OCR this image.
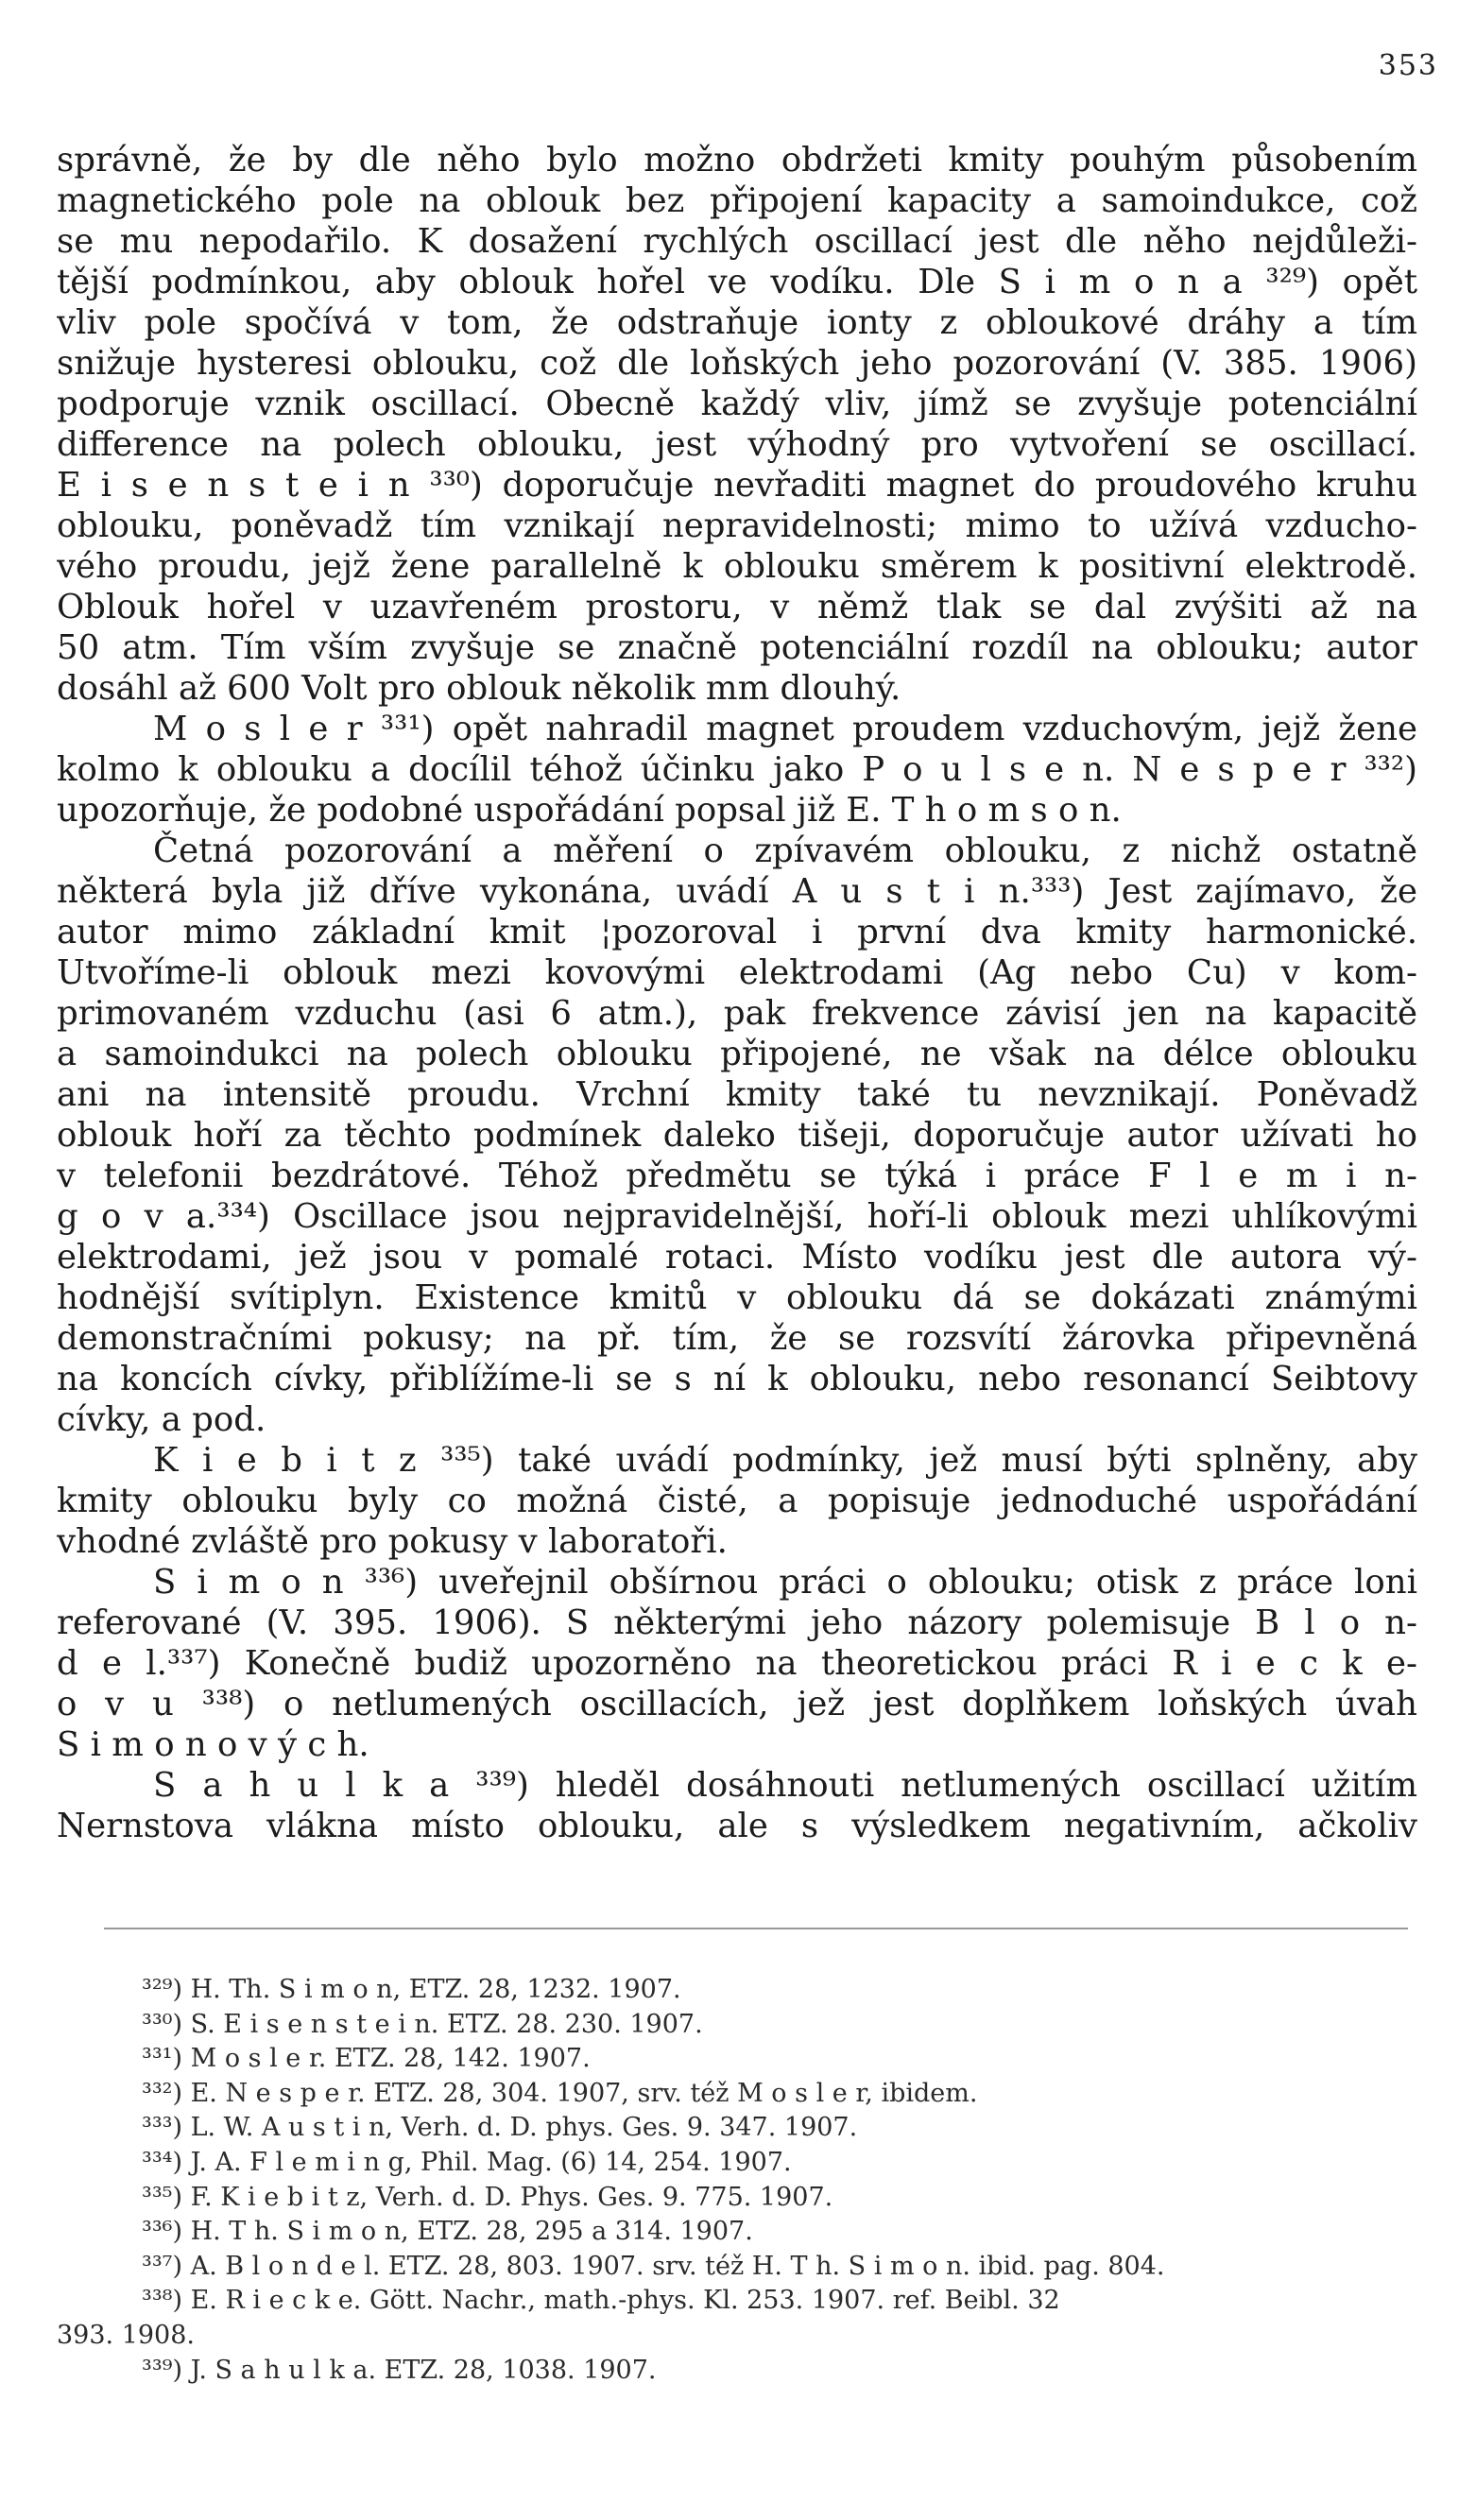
353
správně, že by dle něho bylo možno obdržeti kmity pouhým působením
magnetického pole na oblouk bez připojení kapacity a samoindukce, což
se mu nepodařilo. K dosažení rychlých oscillací jest dle něho nejdůleži-
tější podmínkou, aby oblouk hořel ve vodíku. Dle S i m o n a ³²⁹) opět
vliv pole spočívá v tom, že odstraňuje ionty z obloukové dráhy a tím
snižuje hysteresi oblouku, což dle loňských jeho pozorování (V. 385. 1906)
podporuje vznik oscillací. Obecně každý vliv, jímž se zvyšuje potenciální
difference na polech oblouku, jest výhodný pro vytvoření se oscillací.
E i s e n s t e i n ³³⁰) doporučuje nevřaditi magnet do proudového kruhu
oblouku, poněvadž tím vznikají nepravidelnosti; mimo to užívá vzducho-
vého proudu, jejž žene parallelně k oblouku směrem k positivní elektrodě.
Oblouk hořel v uzavřeném prostoru, v němž tlak se dal zvýšiti až na
50 atm. Tím vším zvyšuje se značně potenciální rozdíl na oblouku; autor
dosáhl až 600 Volt pro oblouk několik mm dlouhý.
M o s l e r ³³¹) opět nahradil magnet proudem vzduchovým, jejž žene
kolmo k oblouku a docílil téhož účinku jako P o u l s e n. N e s p e r ³³²)
upozorňuje, že podobné uspořádání popsal již E. T h o m s o n.
Četná pozorování a měření o zpívavém oblouku, z nichž ostatně
některá byla již dříve vykonána, uvádí A u s t i n.³³³) Jest zajímavo, že
autor mimo základní kmit ¦pozoroval i první dva kmity harmonické.
Utvoříme-li oblouk mezi kovovými elektrodami (Ag nebo Cu) v kom-
primovaném vzduchu (asi 6 atm.), pak frekvence závisí jen na kapacitě
a samoindukci na polech oblouku připojené, ne však na délce oblouku
ani na intensitě proudu. Vrchní kmity také tu nevznikají. Poněvadž
oblouk hoří za těchto podmínek daleko tišeji, doporučuje autor užívati ho
v telefonii bezdrátové. Téhož předmětu se týká i práce F l e m i n-
g o v a.³³⁴) Oscillace jsou nejpravidelnější, hoří-li oblouk mezi uhlíkovými
elektrodami, jež jsou v pomalé rotaci. Místo vodíku jest dle autora vý-
hodnější svítiplyn. Existence kmitů v oblouku dá se dokázati známými
demonstračními pokusy; na př. tím, že se rozsvítí žárovka připevněná
na koncích cívky, přiblížíme-li se s ní k oblouku, nebo resonancí Seibtovy
cívky, a pod.
K i e b i t z ³³⁵) také uvádí podmínky, jež musí býti splněny, aby
kmity oblouku byly co možná čisté, a popisuje jednoduché uspořádání
vhodné zvláště pro pokusy v laboratoři.
S i m o n ³³⁶) uveřejnil obšírnou práci o oblouku; otisk z práce loni
referované (V. 395. 1906). S některými jeho názory polemisuje B l o n-
d e l.³³⁷) Konečně budiž upozorněno na theoretickou práci R i e c k e-
o v u ³³⁸) o netlumených oscillacích, jež jest doplňkem loňských úvah
S i m o n o v ý c h.
S a h u l k a ³³⁹) hleděl dosáhnouti netlumených oscillací užitím
Nernstova vlákna místo oblouku, ale s výsledkem negativním, ačkoliv
³²⁹) H. Th. S i m o n, ETZ. 28, 1232. 1907.
³³⁰) S. E i s e n s t e i n. ETZ. 28. 230. 1907.
³³¹) M o s l e r. ETZ. 28, 142. 1907.
³³²) E. N e s p e r. ETZ. 28, 304. 1907, srv. též M o s l e r, ibidem.
³³³) L. W. A u s t i n, Verh. d. D. phys. Ges. 9. 347. 1907.
³³⁴) J. A. F l e m i n g, Phil. Mag. (6) 14, 254. 1907.
³³⁵) F. K i e b i t z, Verh. d. D. Phys. Ges. 9. 775. 1907.
³³⁶) H. T h. S i m o n, ETZ. 28, 295 a 314. 1907.
³³⁷) A. B l o n d e l. ETZ. 28, 803. 1907. srv. též H. T h. S i m o n. ibid. pag. 804.
³³⁸) E. R i e c k e. Gött. Nachr., math.-phys. Kl. 253. 1907. ref. Beibl. 32
393. 1908.
³³⁹) J. S a h u l k a. ETZ. 28, 1038. 1907.
